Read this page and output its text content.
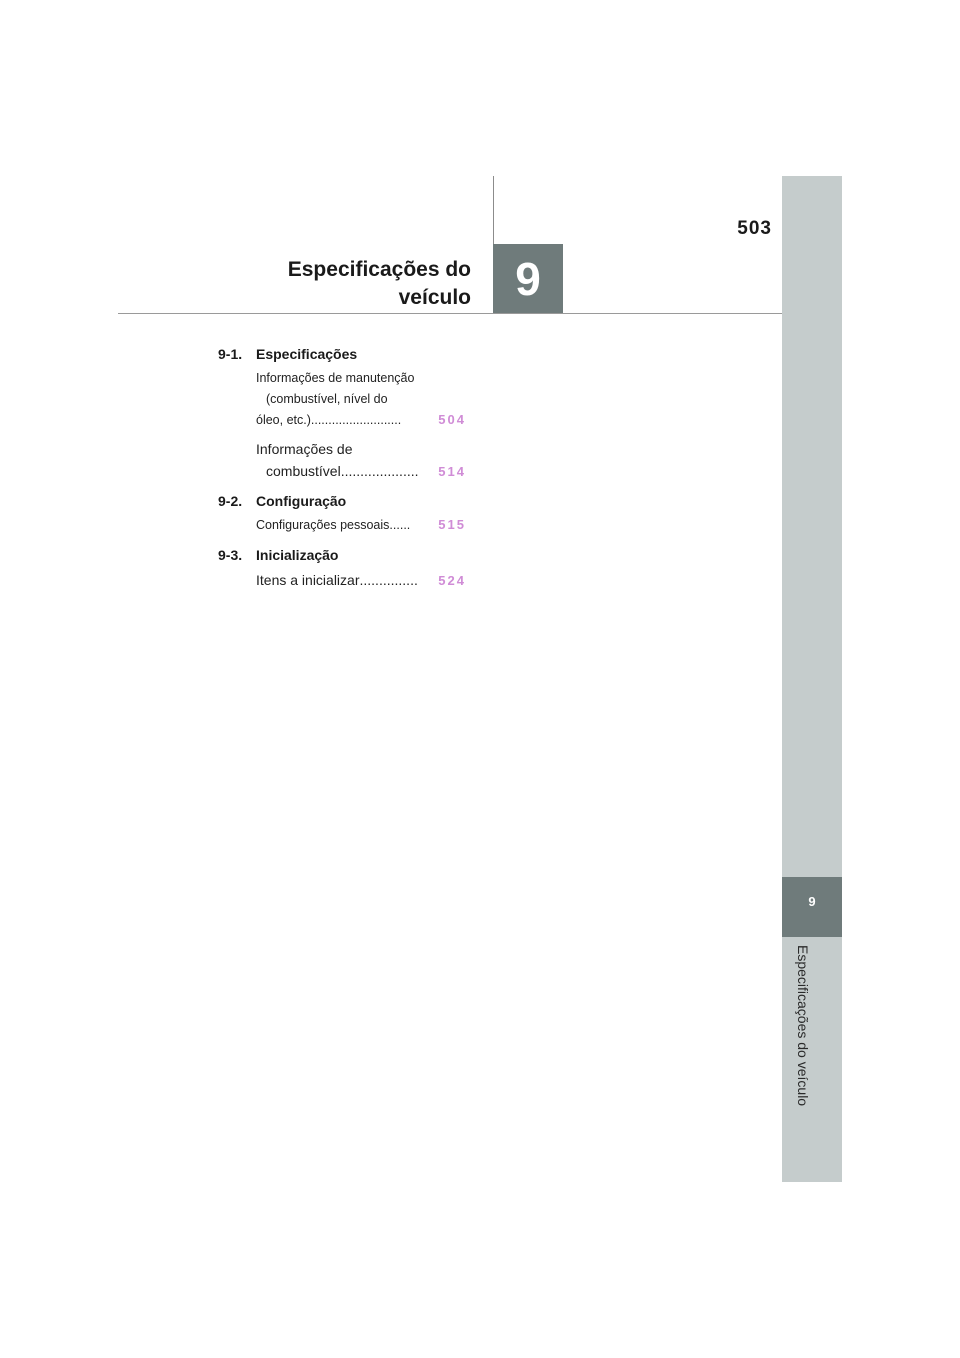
9
Especificações do veículo
9
503
Especificações do
veículo
9-1. Especificações
Informações de manutenção
(combustível, nível do
óleo, etc.) ..........................	504
Informações de
combustível ....................	514
9-2. Configuração
Configurações pessoais ......	515
9-3. Inicialização
Itens a inicializar ...............	524
